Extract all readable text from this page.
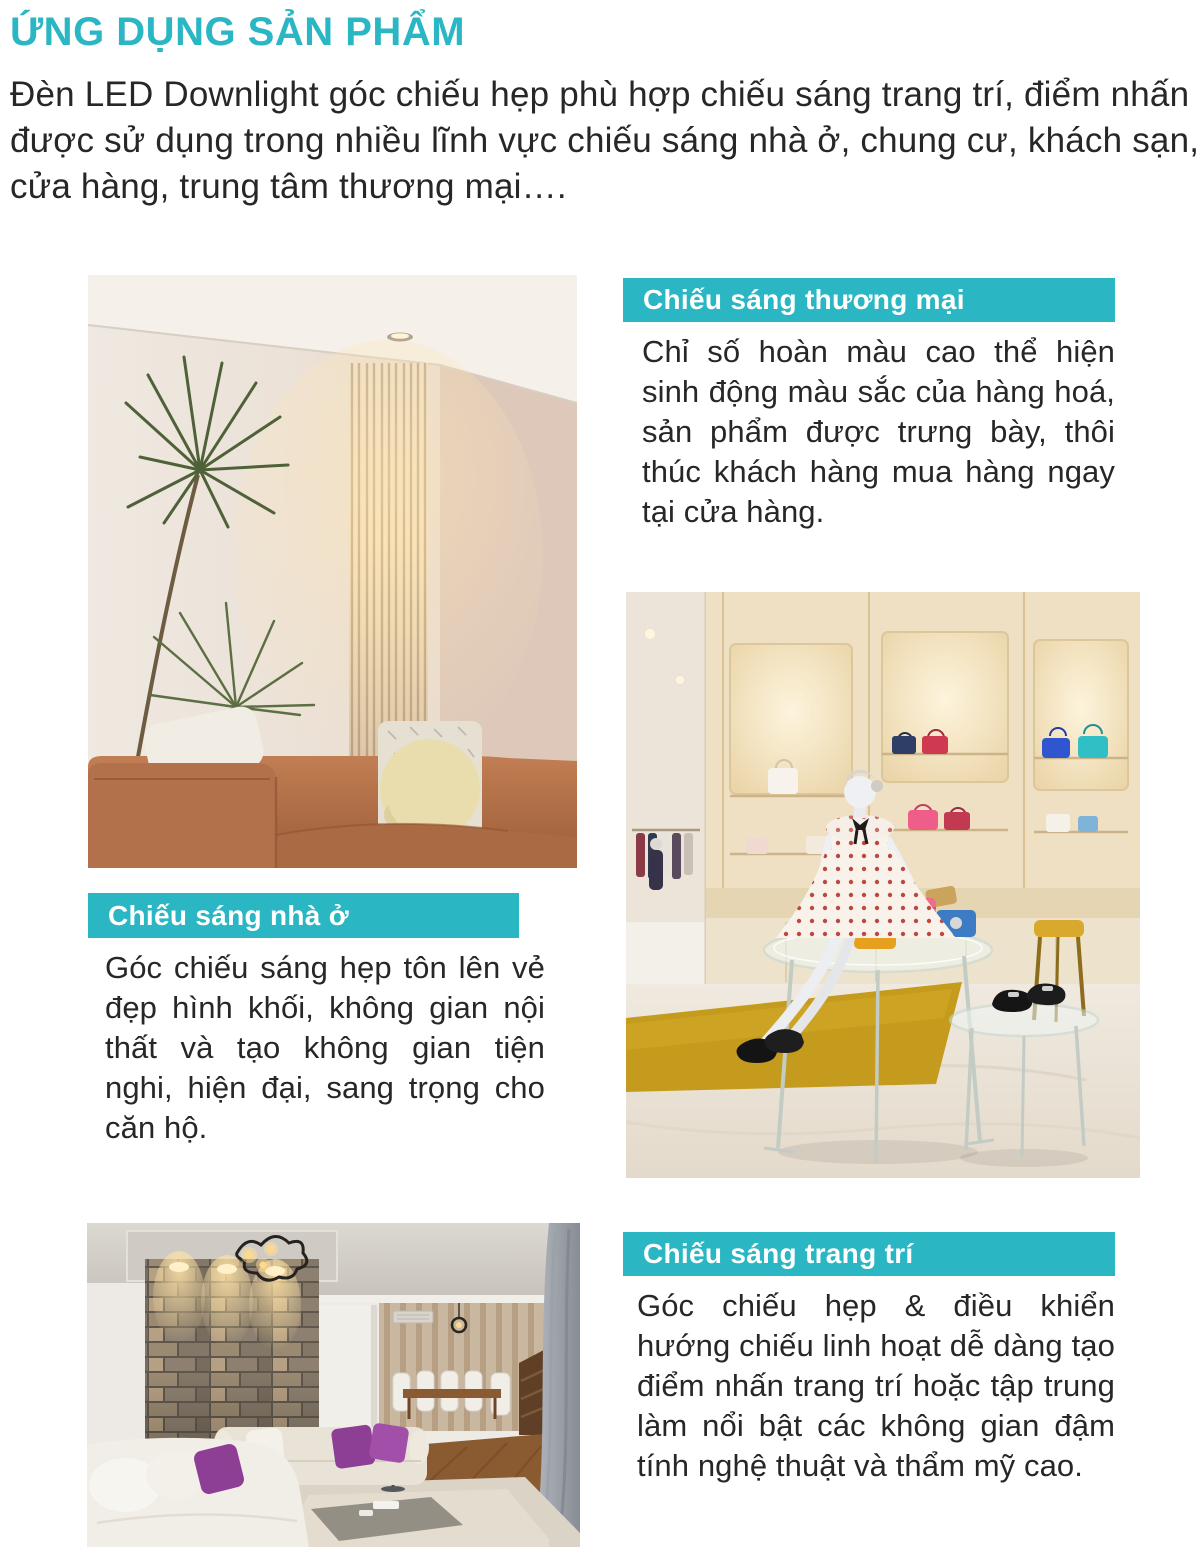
ỨNG DỤNG SẢN PHẨM
Đèn LED Downlight góc chiếu hẹp phù hợp chiếu sáng trang trí, điểm nhấn
được sử dụng trong nhiều lĩnh vực chiếu sáng nhà ở, chung cư, khách sạn,
cửa hàng, trung tâm thương mại….
Chiếu sáng thương mại
Chỉ số hoàn màu cao thể hiện sinh động màu sắc của hàng hoá, sản phẩm được trưng bày, thôi thúc khách hàng mua hàng ngay tại cửa hàng.
Chiếu sáng nhà ở
Góc chiếu sáng hẹp tôn lên vẻ đẹp hình khối, không gian nội thất và tạo không gian tiện nghi, hiện đại, sang trọng cho căn hộ.
Chiếu sáng trang trí
Góc chiếu hẹp & điều khiển hướng chiếu linh hoạt dễ dàng tạo điểm nhấn trang trí hoặc tập trung làm nổi bật các không gian đậm tính nghệ thuật và thẩm mỹ cao.
